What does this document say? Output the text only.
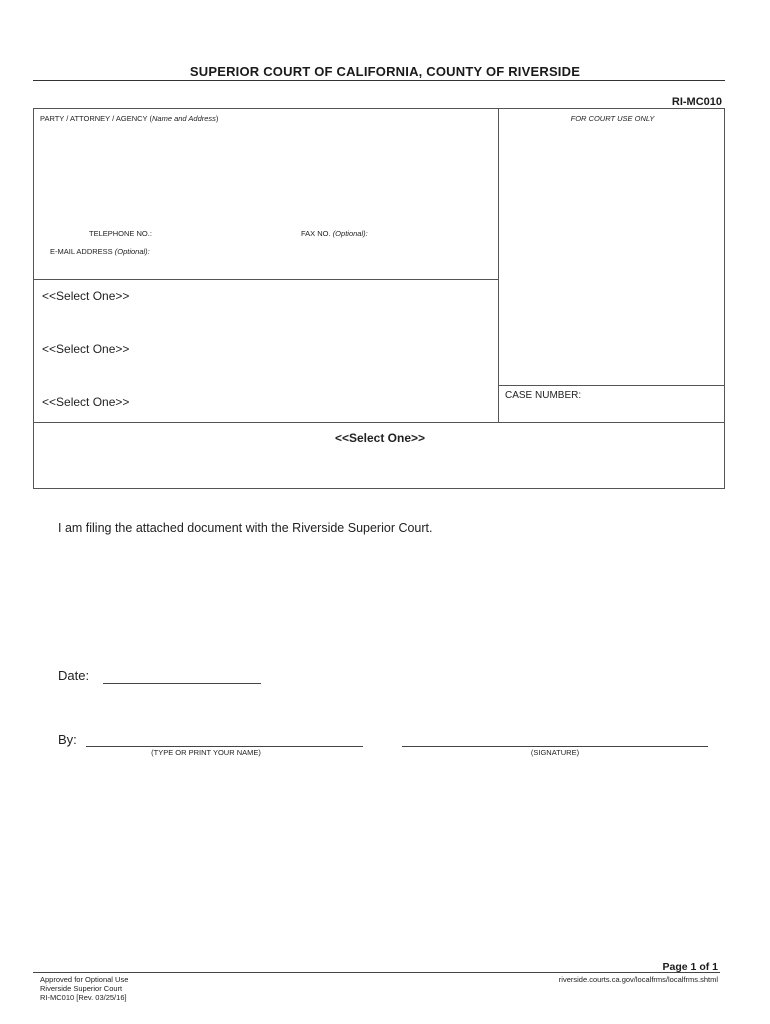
SUPERIOR COURT OF CALIFORNIA, COUNTY OF RIVERSIDE
RI-MC010
PARTY / ATTORNEY / AGENCY (Name and Address)
TELEPHONE NO.:	FAX NO. (Optional):
E-MAIL ADDRESS (Optional):
<<Select One>>
<<Select One>>
<<Select One>>
FOR COURT USE ONLY
CASE NUMBER:
<<Select One>>
I am filing the attached document with the Riverside Superior Court.
Date:
By:
(TYPE OR PRINT YOUR NAME)	(SIGNATURE)
Page 1 of 1
Approved for Optional Use
Riverside Superior Court
RI-MC010 [Rev. 03/25/16]
riverside.courts.ca.gov/localfrms/localfrms.shtml
